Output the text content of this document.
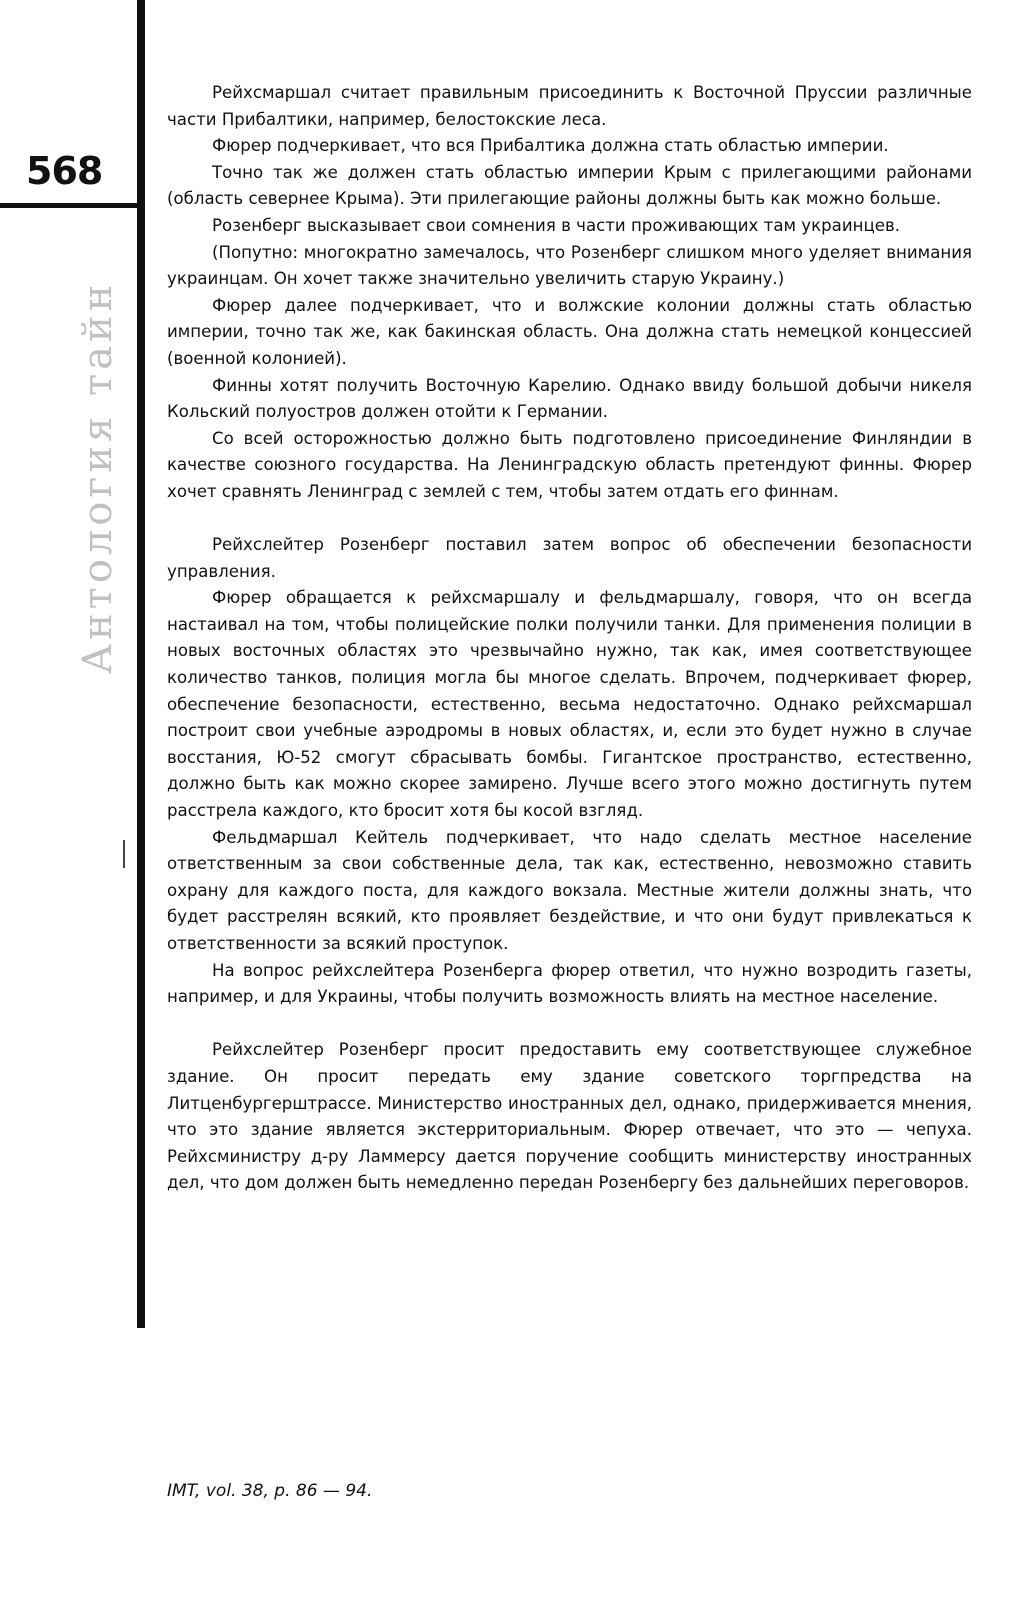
568
Антология тайн

Рейхсмаршал считает правильным присоединить к Восточной Пруссии различные части Прибалтики, например, белостокские леса.

Фюрер подчеркивает, что вся Прибалтика должна стать областью империи.

Точно так же должен стать областью империи Крым с прилегающими районами (область севернее Крыма). Эти прилегающие районы должны быть как можно больше.

Розенберг высказывает свои сомнения в части проживающих там украинцев.

(Попутно: многократно замечалось, что Розенберг слишком много уделяет внимания украинцам. Он хочет также значительно увеличить старую Украину.)

Фюрер далее подчеркивает, что и волжские колонии должны стать областью империи, точно так же, как бакинская область. Она должна стать немецкой концессией (военной колонией).

Финны хотят получить Восточную Карелию. Однако ввиду большой добычи никеля Кольский полуостров должен отойти к Германии.

Со всей осторожностью должно быть подготовлено присоединение Финляндии в качестве союзного государства. На Ленинградскую область претендуют финны. Фюрер хочет сравнять Ленинград с землей с тем, чтобы затем отдать его финнам.

Рейхслейтер Розенберг поставил затем вопрос об обеспечении безопасности управления.

Фюрер обращается к рейхсмаршалу и фельдмаршалу, говоря, что он всегда настаивал на том, чтобы полицейские полки получили танки. Для применения полиции в новых восточных областях это чрезвычайно нужно, так как, имея соответствующее количество танков, полиция могла бы многое сделать. Впрочем, подчеркивает фюрер, обеспечение безопасности, естественно, весьма недостаточно. Однако рейхсмаршал построит свои учебные аэродромы в новых областях, и, если это будет нужно в случае восстания, Ю-52 смогут сбрасывать бомбы. Гигантское пространство, естественно, должно быть как можно скорее замирено. Лучше всего этого можно достигнуть путем расстрела каждого, кто бросит хотя бы косой взгляд.

Фельдмаршал Кейтель подчеркивает, что надо сделать местное население ответственным за свои собственные дела, так как, естественно, невозможно ставить охрану для каждого поста, для каждого вокзала. Местные жители должны знать, что будет расстрелян всякий, кто проявляет бездействие, и что они будут привлекаться к ответственности за всякий проступок.

На вопрос рейхслейтера Розенберга фюрер ответил, что нужно возродить газеты, например, и для Украины, чтобы получить возможность влиять на местное население.

Рейхслейтер Розенберг просит предоставить ему соответствующее служебное здание. Он просит передать ему здание советского торгпредства на Литценбургерштрассе. Министерство иностранных дел, однако, придерживается мнения, что это здание является экстерриториальным. Фюрер отвечает, что это — чепуха. Рейхсминистру д-ру Ламмерсу дается поручение сообщить министерству иностранных дел, что дом должен быть немедленно передан Розенбергу без дальнейших переговоров.

IMT, vol. 38, p. 86 — 94.
